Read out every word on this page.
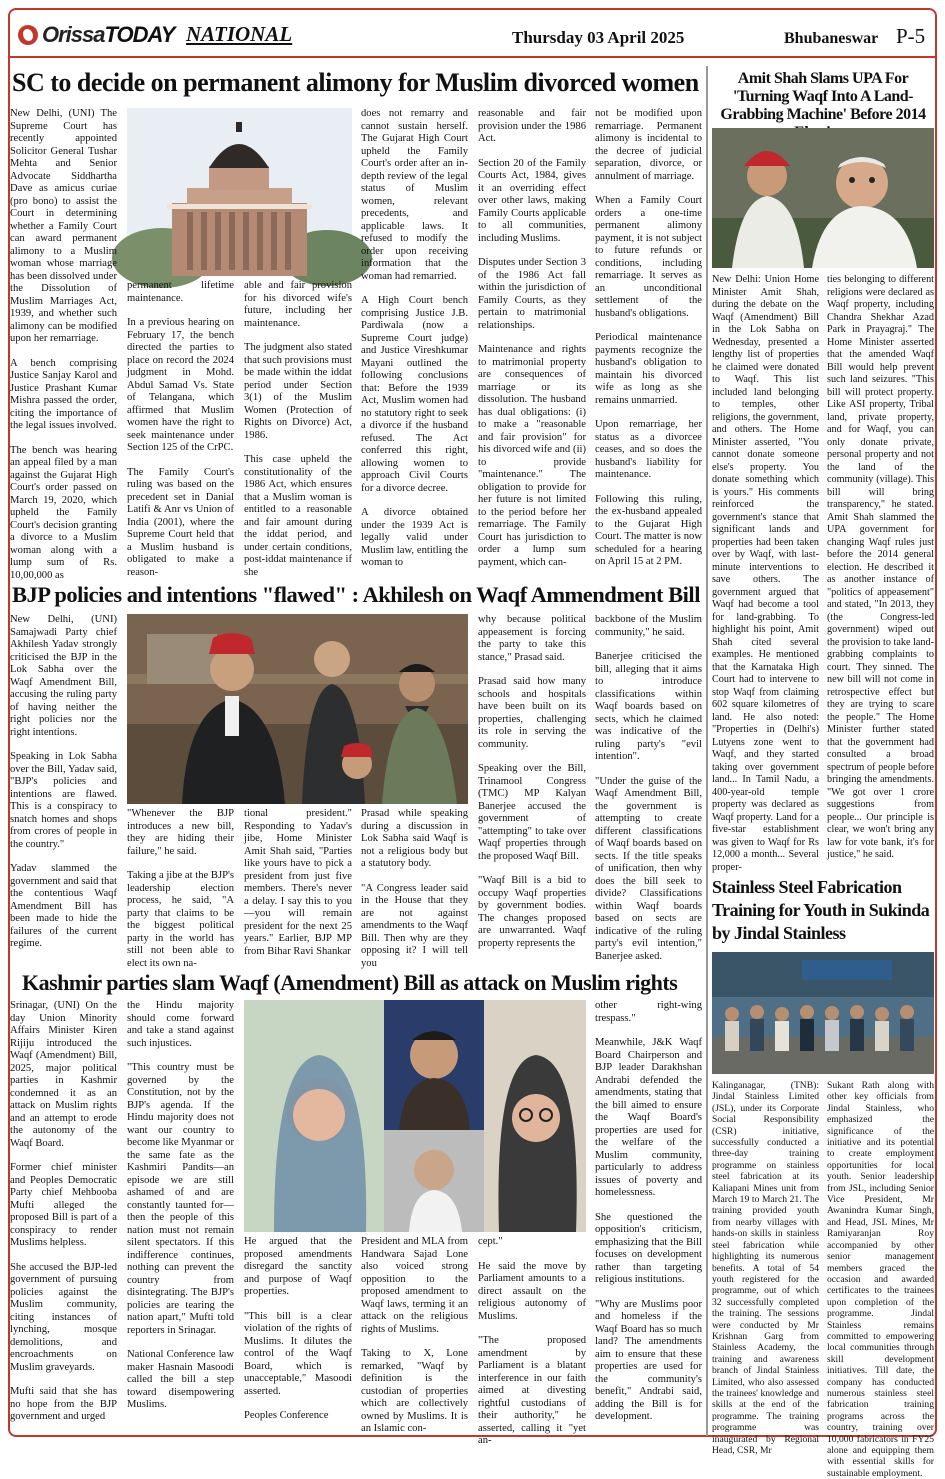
OrissaTODAY NATIONAL	Thursday 03 April 2025	Bhubaneswar P-5
SC to decide on permanent alimony for Muslim divorced women

New Delhi, (UNI) The Supreme Court has recently appointed Solicitor General Tushar Mehta and Senior Advocate Siddhartha Dave as amicus curiae (pro bono) to assist the Court in determining whether a Family Court can award permanent alimony to a Muslim woman whose marriage has been dissolved under the Dissolution of Muslim Marriages Act, 1939, and whether such alimony can be modified upon her remarriage.

A bench comprising Justice Sanjay Karol and Justice Prashant Kumar Mishra passed the order, citing the importance of the legal issues involved.

The bench was hearing an appeal filed by a man against the Gujarat High Court's order passed on March 19, 2020, which upheld the Family Court's decision granting a divorce to a Muslim woman along with a lump sum of Rs. 10,00,000 as

permanent lifetime maintenance.

In a previous hearing on February 17, the bench directed the parties to place on record the 2024 judgment in Mohd. Abdul Samad Vs. State of Telangana, which affirmed that Muslim women have the right to seek maintenance under Section 125 of the CrPC.

The Family Court's ruling was based on the precedent set in Danial Latifi & Anr vs Union of India (2001), where the Supreme Court held that a Muslim husband is obligated to make a reason-

able and fair provision for his divorced wife's future, including her maintenance.

The judgment also stated that such provisions must be made within the iddat period under Section 3(1) of the Muslim Women (Protection of Rights on Divorce) Act, 1986.

This case upheld the constitutionality of the 1986 Act, which ensures that a Muslim woman is entitled to a reasonable and fair amount during the iddat period, and under certain conditions, post-iddat maintenance if she

does not remarry and cannot sustain herself. The Gujarat High Court upheld the Family Court's order after an in-depth review of the legal status of Muslim women, relevant precedents, and applicable laws. It refused to modify the order upon receiving information that the woman had remarried.

A High Court bench comprising Justice J.B. Pardiwala (now a Supreme Court judge) and Justice Vireshkumar Mayani outlined the following conclusions that: Before the 1939 Act, Muslim women had no statutory right to seek a divorce if the husband refused. The Act conferred this right, allowing women to approach Civil Courts for a divorce decree.

A divorce obtained under the 1939 Act is legally valid under Muslim law, entitling the woman to

reasonable and fair provision under the 1986 Act.

Section 20 of the Family Courts Act, 1984, gives it an overriding effect over other laws, making Family Courts applicable to all communities, including Muslims.

Disputes under Section 3 of the 1986 Act fall within the jurisdiction of Family Courts, as they pertain to matrimonial relationships.

Maintenance and rights to matrimonial property are consequences of marriage or its dissolution. The husband has dual obligations: (i) to make a "reasonable and fair provision" for his divorced wife and (ii) to provide "maintenance." The obligation to provide for her future is not limited to the period before her remarriage. The Family Court has jurisdiction to order a lump sum payment, which can-

not be modified upon remarriage. Permanent alimony is incidental to the decree of judicial separation, divorce, or annulment of marriage.

When a Family Court orders a one-time permanent alimony payment, it is not subject to future refunds or conditions, including remarriage. It serves as an unconditional settlement of the husband's obligations.

Periodical maintenance payments recognize the husband's obligation to maintain his divorced wife as long as she remains unmarried.

Upon remarriage, her status as a divorcee ceases, and so does the husband's liability for maintenance.

Following this ruling, the ex-husband appealed to the Gujarat High Court. The matter is now scheduled for a hearing on April 15 at 2 PM.

BJP policies and intentions "flawed" : Akhilesh on Waqf Ammendment Bill

New Delhi, (UNI) Samajwadi Party chief Akhilesh Yadav strongly criticised the BJP in the Lok Sabha over the Waqf Amendment Bill, accusing the ruling party of having neither the right policies nor the right intentions.

Speaking in Lok Sabha over the Bill, Yadav said, "BJP's policies and intentions are flawed. This is a conspiracy to snatch homes and shops from crores of people in the country."

Yadav slammed the government and said that the contentious Waqf Amendment Bill has been made to hide the failures of the current regime.

"Whenever the BJP introduces a new bill, they are hiding their failure," he said.

Taking a jibe at the BJP's leadership election process, he said, "A party that claims to be the biggest political party in the world has still not been able to elect its own na-

tional president." Responding to Yadav's jibe, Home Minister Amit Shah said, "Parties like yours have to pick a president from just five members. There's never a delay. I say this to you—you will remain president for the next 25 years." Earlier, BJP MP from Bihar Ravi Shankar

Prasad while speaking during a discussion in Lok Sabha said Waqf is not a religious body but a statutory body.

"A Congress leader said in the House that they are not against amendments to the Waqf Bill. Then why are they opposing it? I will tell you

why because political appeasement is forcing the party to take this stance," Prasad said.

Prasad said how many schools and hospitals have been built on its properties, challenging its role in serving the community.

Speaking over the Bill, Trinamool Congress (TMC) MP Kalyan Banerjee accused the government of "attempting" to take over Waqf properties through the proposed Waqf Bill.

"Waqf Bill is a bid to occupy Waqf properties by government bodies. The changes proposed are unwarranted. Waqf property represents the

backbone of the Muslim community," he said.

Banerjee criticised the bill, alleging that it aims to introduce classifications within Waqf boards based on sects, which he claimed was indicative of the ruling party's "evil intention".

"Under the guise of the Waqf Amendment Bill, the government is attempting to create different classifications of Waqf boards based on sects. If the title speaks of unification, then why does the bill seek to divide? Classifications within Waqf boards based on sects are indicative of the ruling party's evil intention," Banerjee asked.

Kashmir parties slam Waqf (Amendment) Bill as attack on Muslim rights

Srinagar, (UNI) On the day Union Minority Affairs Minister Kiren Rijiju introduced the Waqf (Amendment) Bill, 2025, major political parties in Kashmir condemned it as an attack on Muslim rights and an attempt to erode the autonomy of the Waqf Board.

Former chief minister and Peoples Democratic Party chief Mehbooba Mufti alleged the proposed Bill is part of a conspiracy to render Muslims helpless.

She accused the BJP-led government of pursuing policies against the Muslim community, citing instances of lynching, mosque demolitions, and encroachments on Muslim graveyards.

Mufti said that she has no hope from the BJP government and urged

the Hindu majority should come forward and take a stand against such injustices.

"This country must be governed by the Constitution, not by the BJP's agenda. If the Hindu majority does not want our country to become like Myanmar or the same fate as the Kashmiri Pandits—an episode we are still ashamed of and are constantly taunted for—then the people of this nation must not remain silent spectators. If this indifference continues, nothing can prevent the country from disintegrating. The BJP's policies are tearing the nation apart," Mufti told reporters in Srinagar.

National Conference law maker Hasnain Masoodi called the bill a step toward disempowering Muslims.

He argued that the proposed amendments disregard the sanctity and purpose of Waqf properties.

"This bill is a clear violation of the rights of Muslims. It dilutes the control of the Waqf Board, which is unacceptable," Masoodi asserted.

Peoples Conference

President and MLA from Handwara Sajad Lone also voiced strong opposition to the proposed amendment to Waqf laws, terming it an attack on the religious rights of Muslims.

Taking to X, Lone remarked, "Waqf by definition is the custodian of properties which are collectively owned by Muslims. It is an Islamic con-

cept."

He said the move by Parliament amounts to a direct assault on the religious autonomy of Muslims.

"The proposed amendment by Parliament is a blatant interference in our faith aimed at divesting rightful custodians of their authority," he asserted, calling it "yet an-

other right-wing trespass."

Meanwhile, J&K Waqf Board Chairperson and BJP leader Darakhshan Andrabi defended the amendments, stating that the bill aimed to ensure the Waqf Board's properties are used for the welfare of the Muslim community, particularly to address issues of poverty and homelessness.

She questioned the opposition's criticism, emphasizing that the Bill focuses on development rather than targeting religious institutions.

"Why are Muslims poor and homeless if the Waqf Board has so much land? The amendments aim to ensure that these properties are used for the community's benefit," Andrabi said, adding the Bill is for development.

Amit Shah Slams UPA For 'Turning Waqf Into A Land-Grabbing Machine' Before 2014

New Delhi: Union Home Minister Amit Shah, during the debate on the Waqf (Amendment) Bill in the Lok Sabha on Wednesday, presented a lengthy list of properties he claimed were donated to Waqf. This list included land belonging to temples, other religions, the government, and others. The Home Minister asserted, "You cannot donate someone else's property. You donate something which is yours." His comments reinforced the government's stance that significant lands and properties had been taken over by Waqf, with last-minute interventions to save others. The government argued that Waqf had become a tool for land-grabbing. To highlight his point, Amit Shah cited several examples. He mentioned that the Karnataka High Court had to intervene to stop Waqf from claiming 602 square kilometres of land. He also noted: "Properties in (Delhi's) Lutyens zone went to Waqf, and they started taking over government land... In Tamil Nadu, a 400-year-old temple property was declared as Waqf property. Land for a five-star establishment was given to Waqf for Rs 12,000 a month... Several proper-

ties belonging to different religions were declared as Waqf property, including Chandra Shekhar Azad Park in Prayagraj." The Home Minister asserted that the amended Waqf Bill would help prevent such land seizures. "This bill will protect property. Like ASI property, Tribal land, private property, and for Waqf, you can only donate private, personal property and not the land of the community (village). This bill will bring transparency," he stated. Amit Shah slammed the UPA government for changing Waqf rules just before the 2014 general election. He described it as another instance of "politics of appeasement" and stated, "In 2013, they (the Congress-led government) wiped out the provision to take land-grabbing complaints to court. They sinned. The new bill will not come in retrospective effect but they are trying to scare the people." The Home Minister further stated that the government had consulted a broad spectrum of people before bringing the amendments. "We got over 1 crore suggestions from people... Our principle is clear, we won't bring any law for vote bank, it's for justice," he said.

Stainless Steel Fabrication Training for Youth in Sukinda by Jindal Stainless

Kalinganagar, (TNB): Jindal Stainless Limited (JSL), under its Corporate Social Responsibility (CSR) initiative, successfully conducted a three-day training programme on stainless steel fabrication at its Kaliapani Mines unit from March 19 to March 21. The training provided youth from nearby villages with hands-on skills in stainless steel fabrication while highlighting its numerous benefits. A total of 54 youth registered for the programme, out of which 32 successfully completed the training. The sessions were conducted by Mr Krishnan Garg from Stainless Academy, the training and awareness branch of Jindal Stainless Limited, who also assessed the trainees' knowledge and skills at the end of the programme. The training programme was inaugurated by Regional Head, CSR, Mr

Sukant Rath along with other key officials from Jindal Stainless, who emphasized the significance of the initiative and its potential to create employment opportunities for local youth. Senior leadership from JSL, including Senior Vice President, Mr Awanindra Kumar Singh, and Head, JSL Mines, Mr Ramiyaranjan Roy accompanied by other senior management members graced the occasion and awarded certificates to the trainees upon completion of the programme. Jindal Stainless remains committed to empowering local communities through skill development initiatives. Till date, the company has conducted numerous stainless steel fabrication training programs across the country, training over 10,000 fabricators in FY25 alone and equipping them with essential skills for sustainable employment.
